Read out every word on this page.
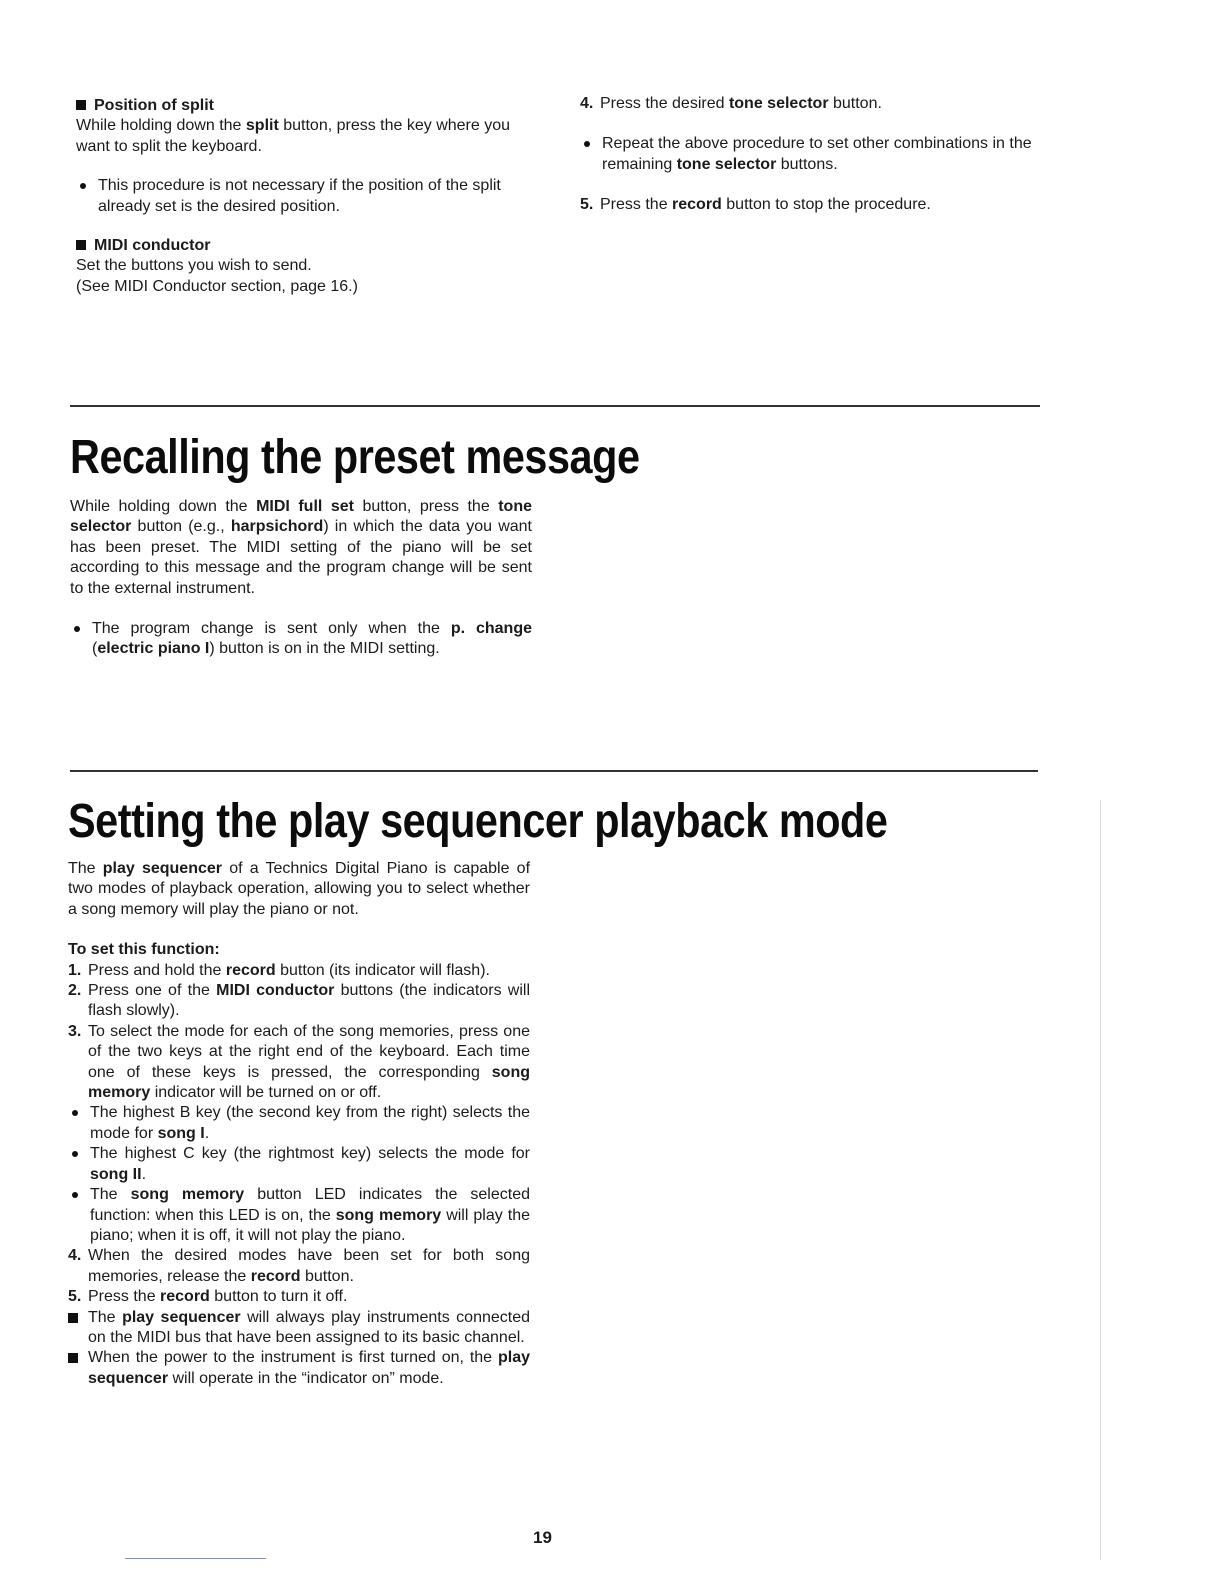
Position of split

While holding down the split button, press the key where you want to split the keyboard.

This procedure is not necessary if the position of the split already set is the desired position.

MIDI conductor

Set the buttons you wish to send.

(See MIDI Conductor section, page 16.)

4. Press the desired tone selector button.

Repeat the above procedure to set other combinations in the remaining tone selector buttons.

5. Press the record button to stop the procedure.

Recalling the preset message

While holding down the MIDI full set button, press the tone selector button (e.g., harpsichord) in which the data you want has been preset. The MIDI setting of the piano will be set according to this message and the program change will be sent to the external instrument.

The program change is sent only when the p. change (electric piano I) button is on in the MIDI setting.

Setting the play sequencer playback mode

The play sequencer of a Technics Digital Piano is capable of two modes of playback operation, allowing you to select whether a song memory will play the piano or not.

To set this function:

1. Press and hold the record button (its indicator will flash).

2. Press one of the MIDI conductor buttons (the indicators will flash slowly).

3. To select the mode for each of the song memories, press one of the two keys at the right end of the keyboard. Each time one of these keys is pressed, the corresponding song memory indicator will be turned on or off.

The highest B key (the second key from the right) selects the mode for song I.

The highest C key (the rightmost key) selects the mode for song II.

The song memory button LED indicates the selected function: when this LED is on, the song memory will play the piano; when it is off, it will not play the piano.

4. When the desired modes have been set for both song memories, release the record button.

5. Press the record button to turn it off.

The play sequencer will always play instruments connected on the MIDI bus that have been assigned to its basic channel.

When the power to the instrument is first turned on, the play sequencer will operate in the “indicator on” mode.

19
